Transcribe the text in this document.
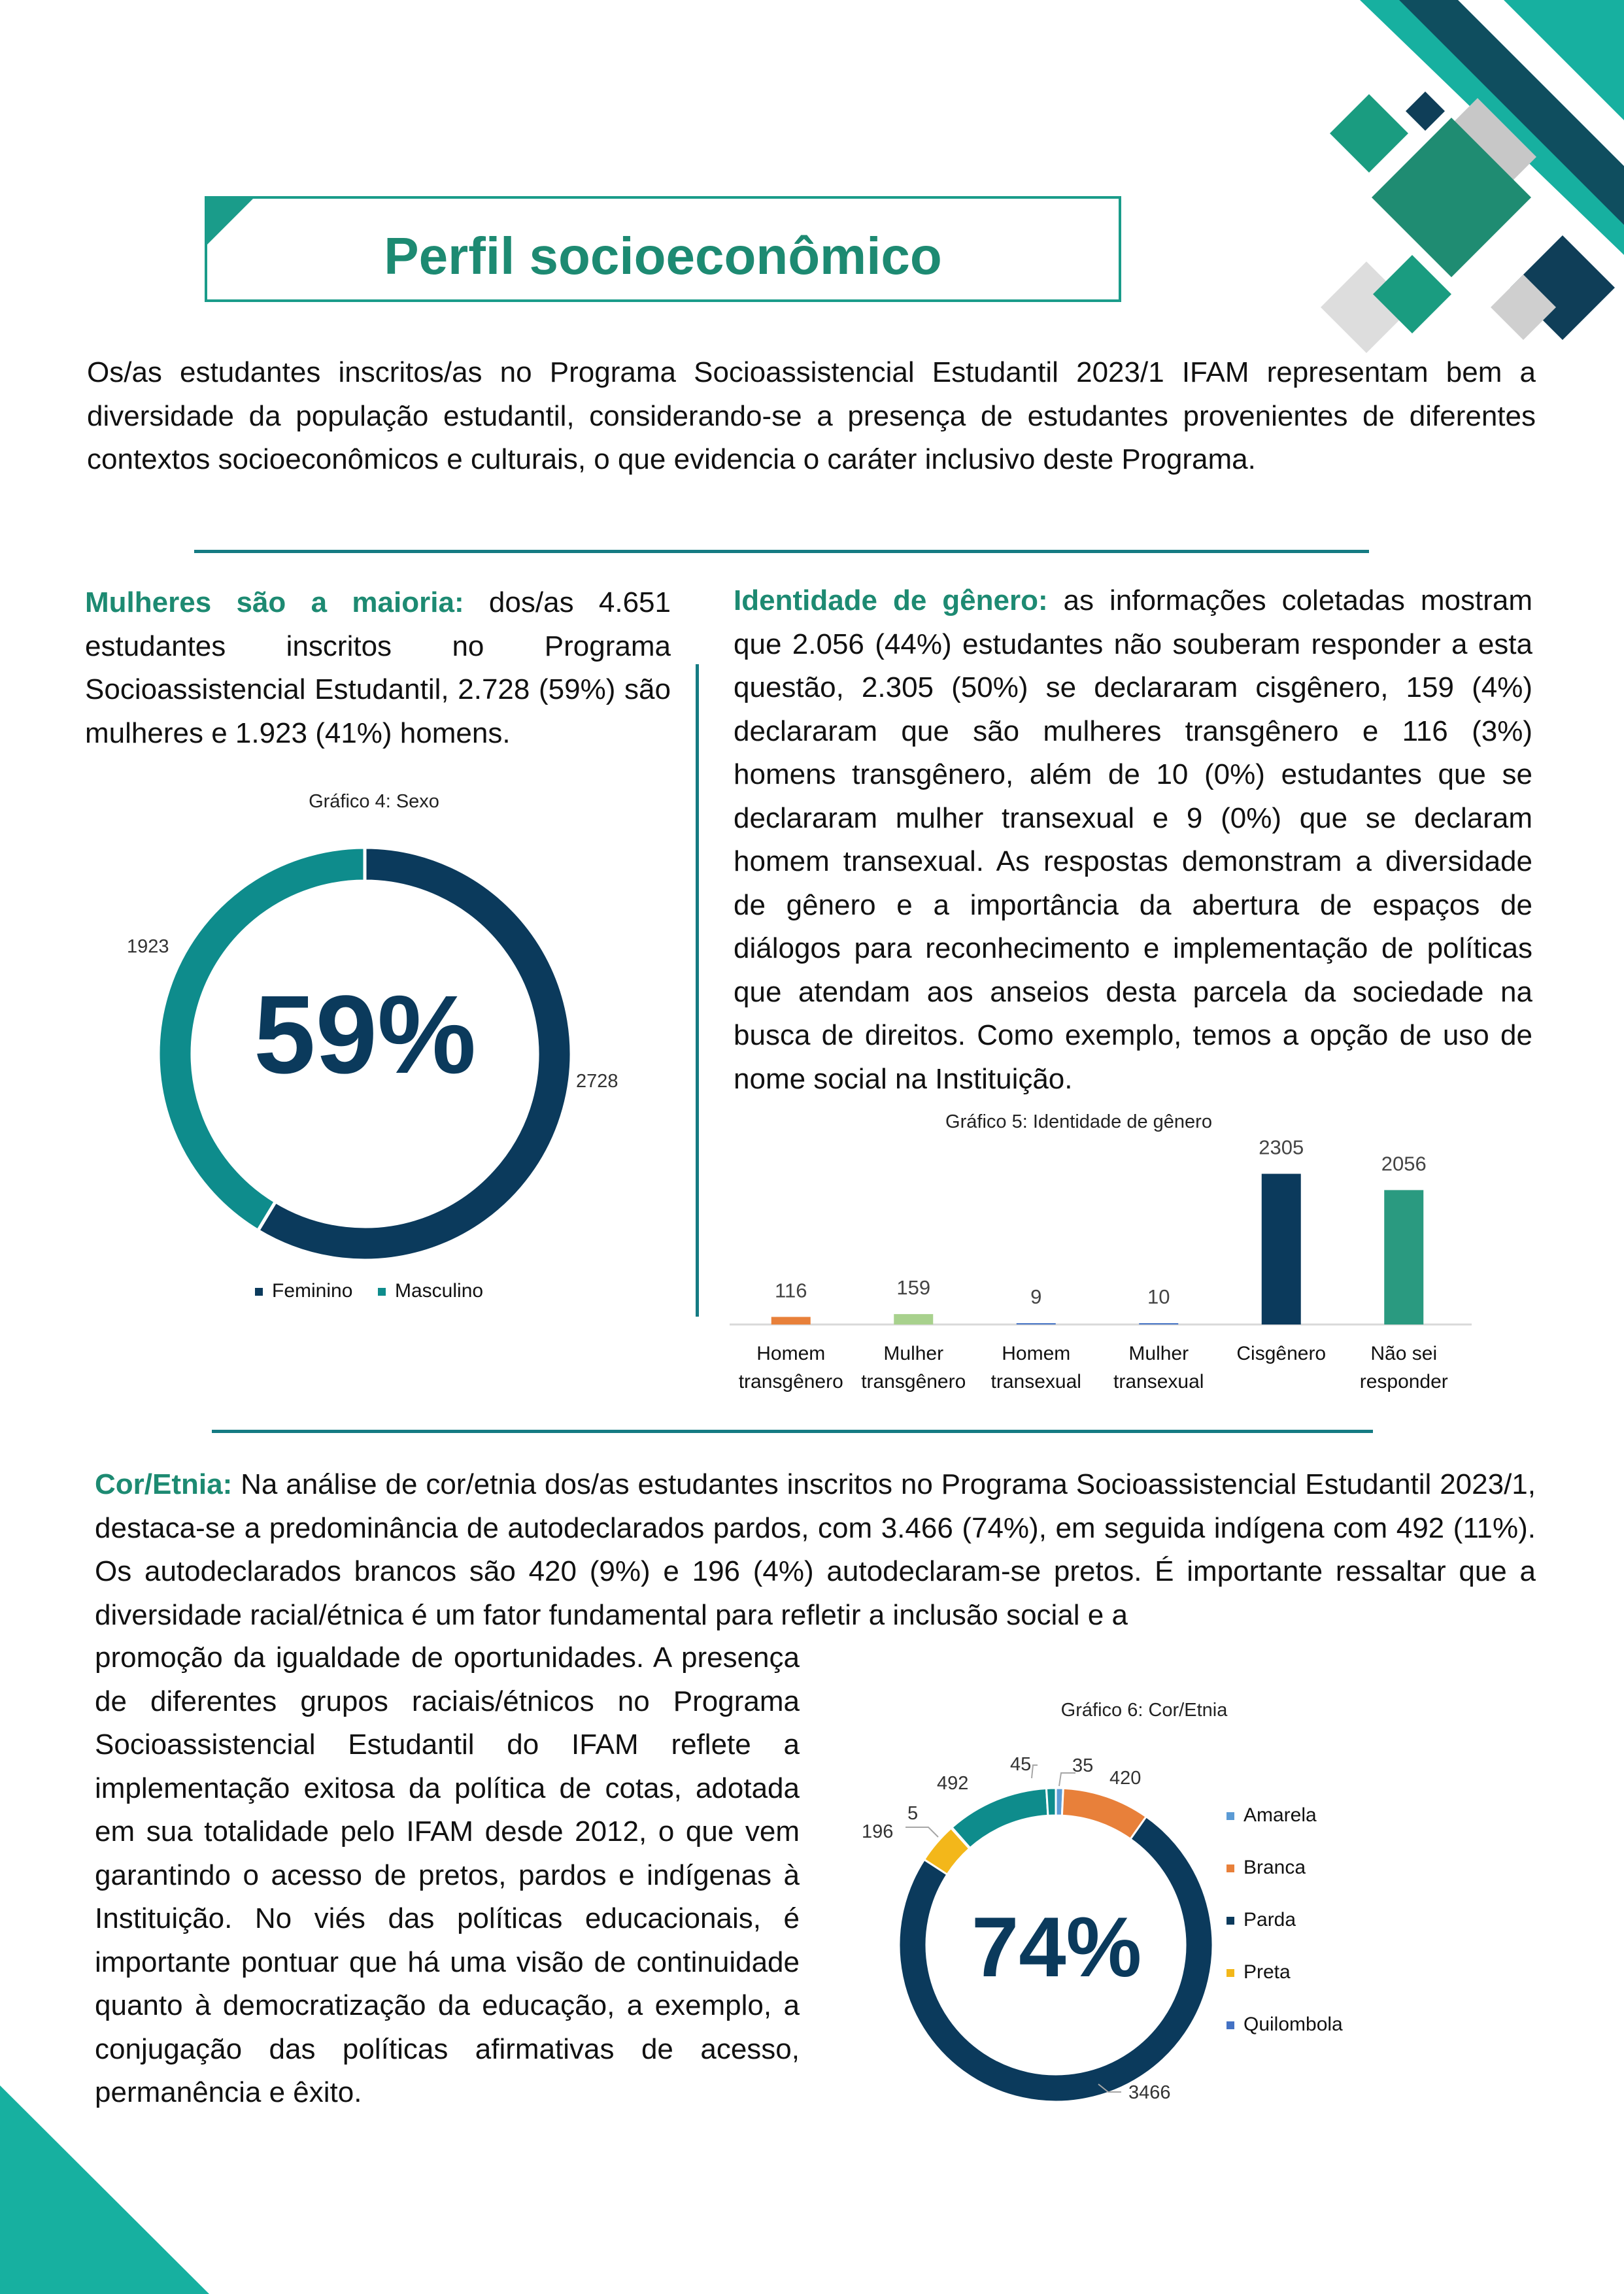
Perfil socioeconômico
Os/as estudantes inscritos/as no Programa Socioassistencial Estudantil 2023/1 IFAM representam bem a diversidade da população estudantil, considerando-se a presença de estudantes provenientes de diferentes contextos socioeconômicos e culturais, o que evidencia o caráter inclusivo deste Programa.
Mulheres são a maioria: dos/as 4.651 estudantes inscritos no Programa Socioassistencial Estudantil, 2.728 (59%) são mulheres e 1.923 (41%) homens.
Identidade de gênero: as informações coletadas mostram que 2.056 (44%) estudantes não souberam responder a esta questão, 2.305 (50%) se declararam cisgênero, 159 (4%) declararam que são mulheres transgênero e 116 (3%) homens transgênero, além de 10 (0%) estudantes que se declararam mulher transexual e 9 (0%) que se declaram homem transexual. As respostas demonstram a diversidade de gênero e a importância da abertura de espaços de diálogos para reconhecimento e implementação de políticas que atendam aos anseios desta parcela da sociedade na busca de direitos. Como exemplo, temos a opção de uso de nome social na Instituição.
Gráfico 4: Sexo
59%
1923
2728
Feminino	Masculino
Gráfico 5: Identidade de gênero
116	159	9	10
2305
2056
Cor/Etnia: Na análise de cor/etnia dos/as estudantes inscritos no Programa Socioassistencial Estudantil 2023/1, destaca-se a predominância de autodeclarados pardos, com 3.466 (74%), em seguida indígena com 492 (11%). Os autodeclarados brancos são 420 (9%) e 196 (4%) autodeclaram-se pretos. É importante ressaltar que a diversidade racial/étnica é um fator fundamental para refletir a inclusão social e a
promoção da igualdade de oportunidades. A presença de diferentes grupos raciais/étnicos no Programa Socioassistencial Estudantil do IFAM reflete a implementação exitosa da política de cotas, adotada em sua totalidade pelo IFAM desde 2012, o que vem garantindo o acesso de pretos, pardos e indígenas à Instituição. No viés das políticas educacionais, é importante pontuar que há uma visão de continuidade quanto à democratização da educação, a exemplo, a conjugação das políticas afirmativas de acesso, permanência e êxito.
Gráfico 6: Cor/Etnia
74%
35
420
3466
196
5
492
45
Amarela
Branca
Parda
Preta
Quilombola
Homem
transgênero
Mulher
transgênero
Homem
transexual
Mulher
transexual
Cisgênero	Não sei
responder
